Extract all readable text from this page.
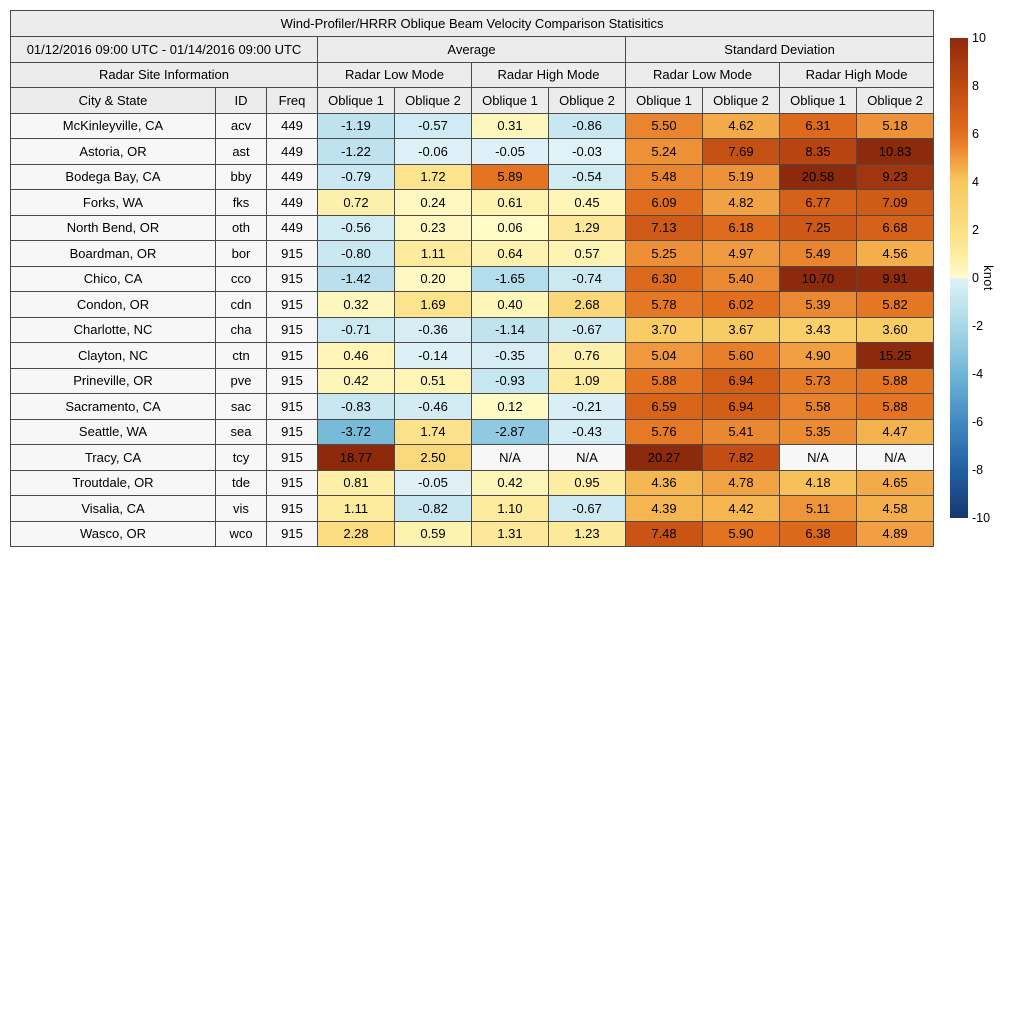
Wind-Profiler/HRRR Oblique Beam Velocity Comparison Statisitics										
01/12/2016 09:00 UTC - 01/14/2016 09:00 UTC			Average				Standard Deviation			
Radar Site Information			Radar Low Mode		Radar High Mode		Radar Low Mode		Radar High Mode	
City & State	ID	Freq	Oblique 1	Oblique 2	Oblique 1	Oblique 2	Oblique 1	Oblique 2	Oblique 1	Oblique 2
McKinleyville, CA	acv	449	-1.19	-0.57	0.31	-0.86	5.50	4.62	6.31	5.18
Astoria, OR	ast	449	-1.22	-0.06	-0.05	-0.03	5.24	7.69	8.35	10.83
Bodega Bay, CA	bby	449	-0.79	1.72	5.89	-0.54	5.48	5.19	20.58	9.23
Forks, WA	fks	449	0.72	0.24	0.61	0.45	6.09	4.82	6.77	7.09
North Bend, OR	oth	449	-0.56	0.23	0.06	1.29	7.13	6.18	7.25	6.68
Boardman, OR	bor	915	-0.80	1.11	0.64	0.57	5.25	4.97	5.49	4.56
Chico, CA	cco	915	-1.42	0.20	-1.65	-0.74	6.30	5.40	10.70	9.91
Condon, OR	cdn	915	0.32	1.69	0.40	2.68	5.78	6.02	5.39	5.82
Charlotte, NC	cha	915	-0.71	-0.36	-1.14	-0.67	3.70	3.67	3.43	3.60
Clayton, NC	ctn	915	0.46	-0.14	-0.35	0.76	5.04	5.60	4.90	15.25
Prineville, OR	pve	915	0.42	0.51	-0.93	1.09	5.88	6.94	5.73	5.88
Sacramento, CA	sac	915	-0.83	-0.46	0.12	-0.21	6.59	6.94	5.58	5.88
Seattle, WA	sea	915	-3.72	1.74	-2.87	-0.43	5.76	5.41	5.35	4.47
Tracy, CA	tcy	915	18.77	2.50	N/A	N/A	20.27	7.82	N/A	N/A
Troutdale, OR	tde	915	0.81	-0.05	0.42	0.95	4.36	4.78	4.18	4.65
Visalia, CA	vis	915	1.11	-0.82	1.10	-0.67	4.39	4.42	5.11	4.58
Wasco, OR	wco	915	2.28	0.59	1.31	1.23	7.48	5.90	6.38	4.89
10
8
6
4
2
0
-2
-4
-6
-8
-10
knot
